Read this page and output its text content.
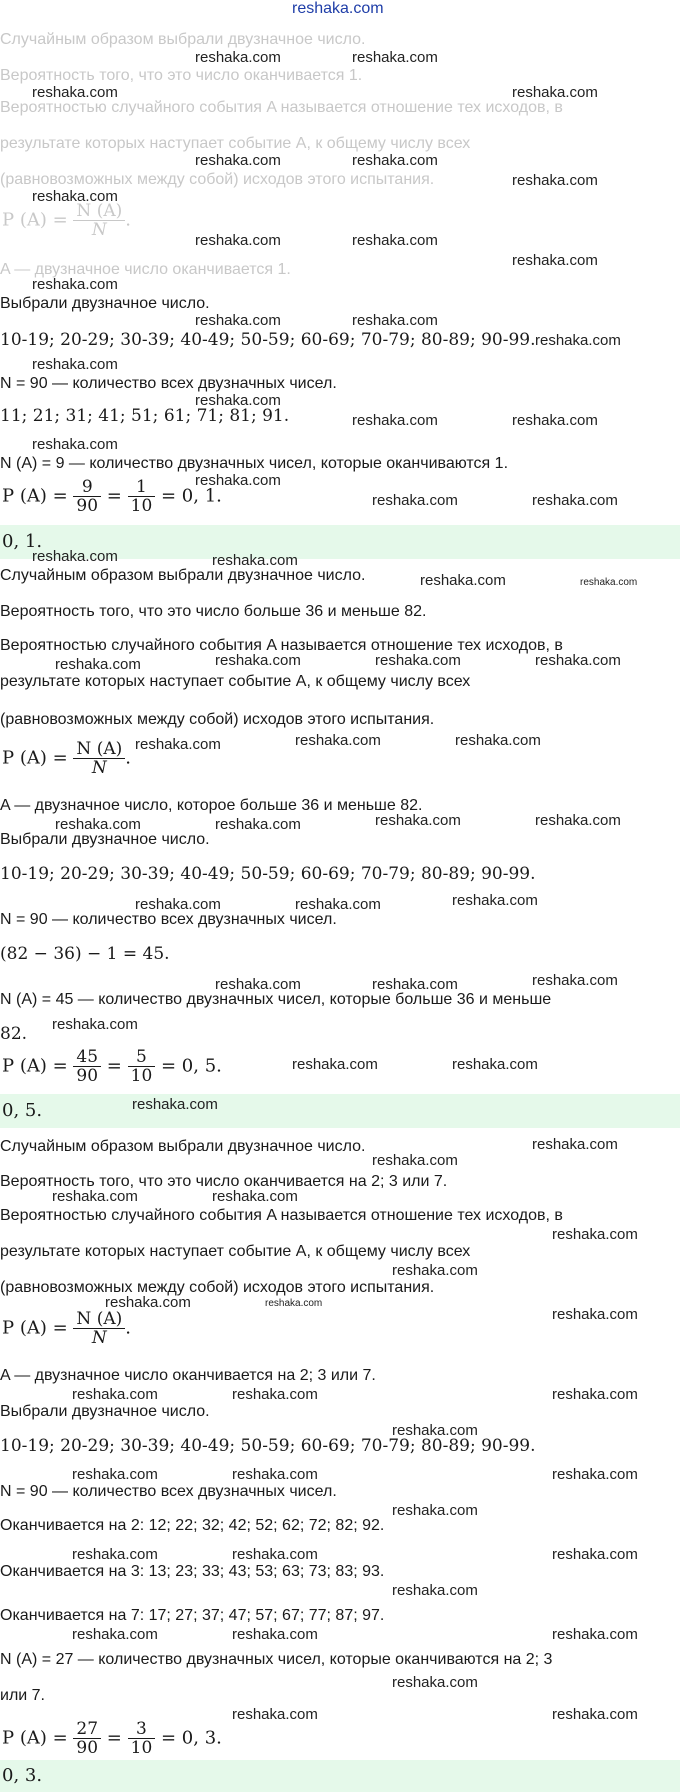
reshaka.com
Случайным образом выбрали двузначное число.
Вероятность того, что это число оканчивается 1.
Вероятностью случайного события A называется отношение тех исходов, в
результате которых наступает событие A, к общему числу всех
(равновозможных между собой) исходов этого испытания.
P $(A) = \frac{N (A)}{N}$ .
A — двузначное число оканчивается 1.
Выбрали двузначное число.
10-19; 20-29; 30-39; 40-49; 50-59; 60-69; 70-79; 80-89; 90-99.
N = 90 — количество всех двузначных чисел.
11; 21; 31; 41; 51; 61; 71; 81; 91.
N (A) = 9 — количество двузначных чисел, которые оканчиваются 1.
P $(A) = \frac{9}{90} = \frac{1}{10} = 0$, 1.
0, 1.
Случайным образом выбрали двузначное число.
Вероятность того, что это число больше 36 и меньше 82.
Вероятностью случайного события A называется отношение тех исходов, в
результате которых наступает событие A, к общему числу всех
(равновозможных между собой) исходов этого испытания.
P $(A) = \frac{N (A)}{N}$ .
A — двузначное число, которое больше 36 и меньше 82.
Выбрали двузначное число.
10-19; 20-29; 30-39; 40-49; 50-59; 60-69; 70-79; 80-89; 90-99.
N = 90 — количество всех двузначных чисел.
(82 − 36) − 1 = 45.
N (A) = 45 — количество двузначных чисел, которые больше 36 и меньше
82.
P $(A) = \frac{45}{90} = \frac{5}{10} = 0$, 5.
0, 5.
Случайным образом выбрали двузначное число.
Вероятность того, что это число оканчивается на 2; 3 или 7.
Вероятностью случайного события A называется отношение тех исходов, в
результате которых наступает событие A, к общему числу всех
(равновозможных между собой) исходов этого испытания.
P $(A) = \frac{N (A)}{N}$ .
A — двузначное число оканчивается на 2; 3 или 7.
Выбрали двузначное число.
10-19; 20-29; 30-39; 40-49; 50-59; 60-69; 70-79; 80-89; 90-99.
N = 90 — количество всех двузначных чисел.
Оканчивается на 2: 12; 22; 32; 42; 52; 62; 72; 82; 92.
Оканчивается на 3: 13; 23; 33; 43; 53; 63; 73; 83; 93.
Оканчивается на 7: 17; 27; 37; 47; 57; 67; 77; 87; 97.
N (A) = 27 — количество двузначных чисел, которые оканчиваются на 2; 3
или 7.
P $(A) = \frac{27}{90} = \frac{3}{10} = 0$, 3.
0, 3.
reshaka.com	reshaka.com
reshaka.com	reshaka.com
reshaka.com	reshaka.com
reshaka.com
reshaka.com
reshaka.com	reshaka.com
reshaka.com
reshaka.com
reshaka.com	reshaka.com
reshaka.com
reshaka.com
reshaka.com
reshaka.com	reshaka.com
reshaka.com
reshaka.com
reshaka.com	reshaka.com
reshaka.com	reshaka.com
reshaka.com	reshaka.com
reshaka.com	reshaka.com	reshaka.com	reshaka.com
reshaka.com	reshaka.com	reshaka.com
reshaka.com	reshaka.com	reshaka.com	reshaka.com
reshaka.com	reshaka.com	reshaka.com
reshaka.com	reshaka.com	reshaka.com
reshaka.com
reshaka.com	reshaka.com
reshaka.com
reshaka.com
reshaka.com
reshaka.com	reshaka.com
reshaka.com
reshaka.com
reshaka.com	reshaka.com
reshaka.com
reshaka.com
reshaka.com	reshaka.com
reshaka.com
reshaka.com	reshaka.com	reshaka.com
reshaka.com
reshaka.com	reshaka.com	reshaka.com
reshaka.com
reshaka.com	reshaka.com	reshaka.com
reshaka.com
reshaka.com	reshaka.com
